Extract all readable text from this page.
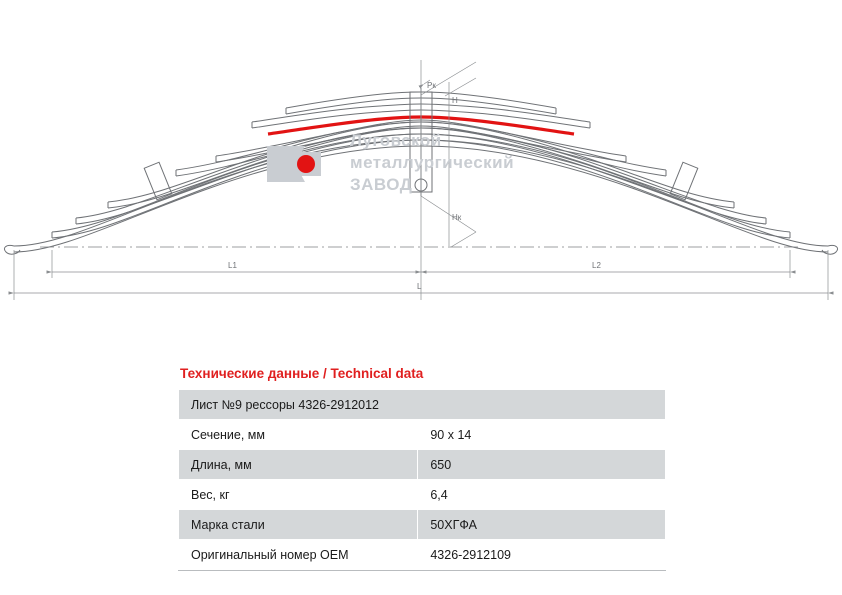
H
Нк
Рк
L1	L2
L
Луговской
металлургический
ЗАВОД
Технические данные / Technical data
Лист №9 рессоры 4326-2912012	
Сечение, мм	90 х 14
Длина, мм	650
Вес, кг	6,4
Марка стали	50ХГФА
Оригинальный номер ОЕМ	4326-2912109
